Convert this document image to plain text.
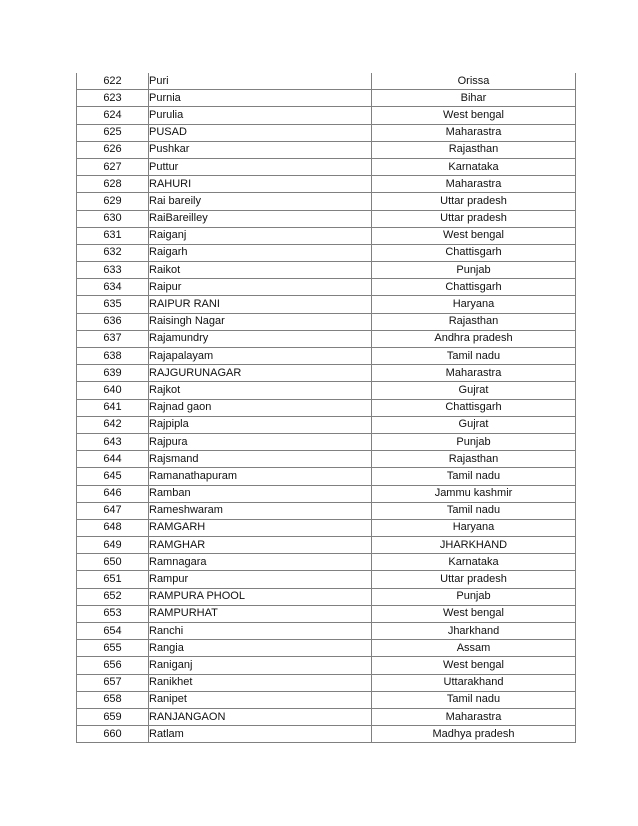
622	Puri	Orissa
623	Purnia	Bihar
624	Purulia	West bengal
625	PUSAD	Maharastra
626	Pushkar	Rajasthan
627	Puttur	Karnataka
628	RAHURI	Maharastra
629	Rai bareily	Uttar pradesh
630	RaiBareilley	Uttar pradesh
631	Raiganj	West bengal
632	Raigarh	Chattisgarh
633	Raikot	Punjab
634	Raipur	Chattisgarh
635	RAIPUR RANI	Haryana
636	Raisingh Nagar	Rajasthan
637	Rajamundry	Andhra pradesh
638	Rajapalayam	Tamil nadu
639	RAJGURUNAGAR	Maharastra
640	Rajkot	Gujrat
641	Rajnad gaon	Chattisgarh
642	Rajpipla	Gujrat
643	Rajpura	Punjab
644	Rajsmand	Rajasthan
645	Ramanathapuram	Tamil nadu
646	Ramban	Jammu kashmir
647	Rameshwaram	Tamil nadu
648	RAMGARH	Haryana
649	RAMGHAR	JHARKHAND
650	Ramnagara	Karnataka
651	Rampur	Uttar pradesh
652	RAMPURA PHOOL	Punjab
653	RAMPURHAT	West bengal
654	Ranchi	Jharkhand
655	Rangia	Assam
656	Raniganj	West bengal
657	Ranikhet	Uttarakhand
658	Ranipet	Tamil nadu
659	RANJANGAON	Maharastra
660	Ratlam	Madhya pradesh
